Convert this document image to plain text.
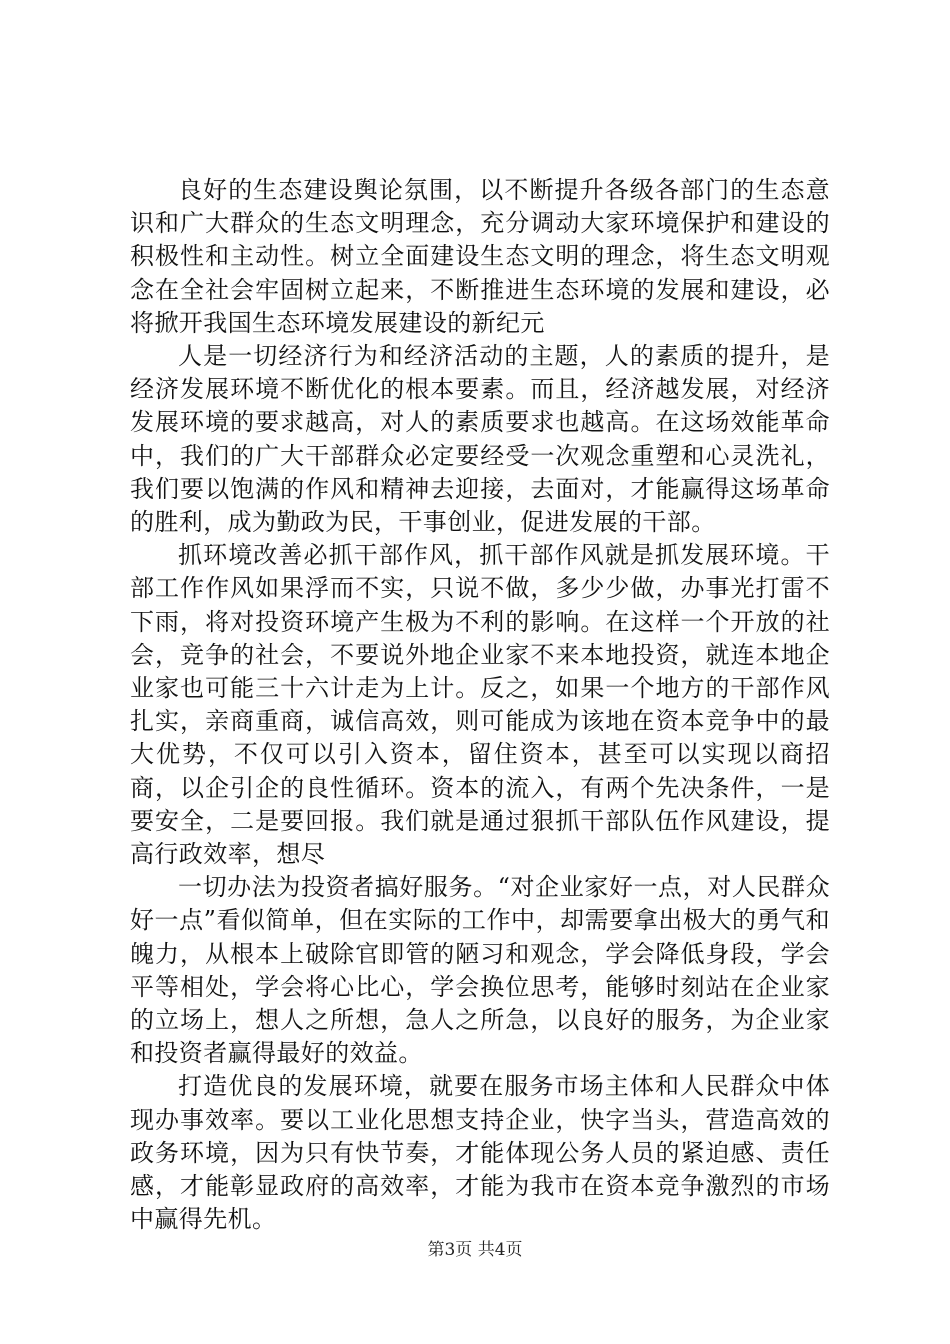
良好的生态建设舆论氛围，以不断提升各级各部门的生态意识和广大群众的生态文明理念，充分调动大家环境保护和建设的积极性和主动性。树立全面建设生态文明的理念，将生态文明观念在全社会牢固树立起来，不断推进生态环境的发展和建设，必将掀开我国生态环境发展建设的新纪元

人是一切经济行为和经济活动的主题，人的素质的提升，是经济发展环境不断优化的根本要素。而且，经济越发展，对经济发展环境的要求越高，对人的素质要求也越高。在这场效能革命中，我们的广大干部群众必定要经受一次观念重塑和心灵洗礼，我们要以饱满的作风和精神去迎接，去面对，才能赢得这场革命的胜利，成为勤政为民，干事创业，促进发展的干部。

抓环境改善必抓干部作风，抓干部作风就是抓发展环境。干部工作作风如果浮而不实，只说不做，多少少做，办事光打雷不下雨，将对投资环境产生极为不利的影响。在这样一个开放的社会，竞争的社会，不要说外地企业家不来本地投资，就连本地企业家也可能三十六计走为上计。反之，如果一个地方的干部作风扎实，亲商重商，诚信高效，则可能成为该地在资本竞争中的最大优势，不仅可以引入资本，留住资本，甚至可以实现以商招商，以企引企的良性循环。资本的流入，有两个先决条件，一是要安全，二是要回报。我们就是通过狠抓干部队伍作风建设，提高行政效率，想尽

一切办法为投资者搞好服务。“对企业家好一点，对人民群众好一点”看似简单，但在实际的工作中，却需要拿出极大的勇气和魄力，从根本上破除官即管的陋习和观念，学会降低身段，学会平等相处，学会将心比心，学会换位思考，能够时刻站在企业家的立场上，想人之所想，急人之所急，以良好的服务，为企业家和投资者赢得最好的效益。

打造优良的发展环境，就要在服务市场主体和人民群众中体现办事效率。要以工业化思想支持企业，快字当头，营造高效的政务环境，因为只有快节奏，才能体现公务人员的紧迫感、责任感，才能彰显政府的高效率，才能为我市在资本竞争激烈的市场中赢得先机。

第3页 共4页
